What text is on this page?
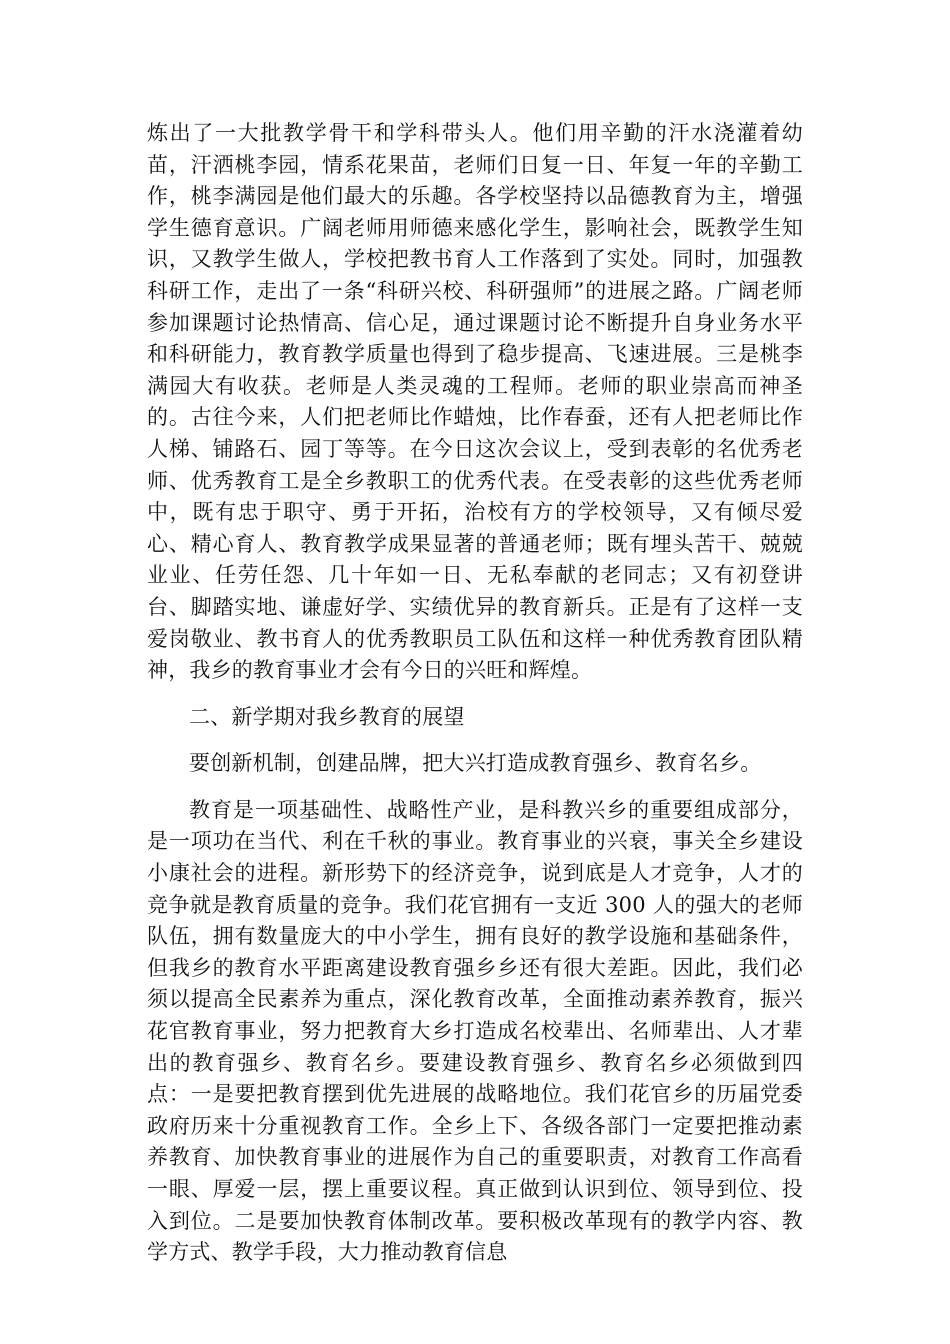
炼出了一大批教学骨干和学科带头人。他们用辛勤的汗水浇灌着幼苗，汗洒桃李园，情系花果苗，老师们日复一日、年复一年的辛勤工作，桃李满园是他们最大的乐趣。各学校坚持以品德教育为主，增强学生德育意识。广阔老师用师德来感化学生，影响社会，既教学生知识，又教学生做人，学校把教书育人工作落到了实处。同时，加强教科研工作，走出了一条“科研兴校、科研强师”的进展之路。广阔老师参加课题讨论热情高、信心足，通过课题讨论不断提升自身业务水平和科研能力，教育教学质量也得到了稳步提高、飞速进展。三是桃李满园大有收获。老师是人类灵魂的工程师。老师的职业崇高而神圣的。古往今来，人们把老师比作蜡烛，比作春蚕，还有人把老师比作人梯、铺路石、园丁等等。在今日这次会议上，受到表彰的名优秀老师、优秀教育工是全乡教职工的优秀代表。在受表彰的这些优秀老师中，既有忠于职守、勇于开拓，治校有方的学校领导，又有倾尽爱心、精心育人、教育教学成果显著的普通老师；既有埋头苦干、兢兢业业、任劳任怨、几十年如一日、无私奉献的老同志；又有初登讲台、脚踏实地、谦虚好学、实绩优异的教育新兵。正是有了这样一支爱岗敬业、教书育人的优秀教职员工队伍和这样一种优秀教育团队精神，我乡的教育事业才会有今日的兴旺和辉煌。

二、新学期对我乡教育的展望

要创新机制，创建品牌，把大兴打造成教育强乡、教育名乡。

教育是一项基础性、战略性产业，是科教兴乡的重要组成部分，是一项功在当代、利在千秋的事业。教育事业的兴衰，事关全乡建设小康社会的进程。新形势下的经济竞争，说到底是人才竞争，人才的竞争就是教育质量的竞争。我们花官拥有一支近 300 人的强大的老师队伍，拥有数量庞大的中小学生，拥有良好的教学设施和基础条件，但我乡的教育水平距离建设教育强乡乡还有很大差距。因此，我们必须以提高全民素养为重点，深化教育改革，全面推动素养教育，振兴花官教育事业，努力把教育大乡打造成名校辈出、名师辈出、人才辈出的教育强乡、教育名乡。要建设教育强乡、教育名乡必须做到四点：一是要把教育摆到优先进展的战略地位。我们花官乡的历届党委政府历来十分重视教育工作。全乡上下、各级各部门一定要把推动素养教育、加快教育事业的进展作为自己的重要职责，对教育工作高看一眼、厚爱一层，摆上重要议程。真正做到认识到位、领导到位、投入到位。二是要加快教育体制改革。要积极改革现有的教学内容、教学方式、教学手段，大力推动教育信息
